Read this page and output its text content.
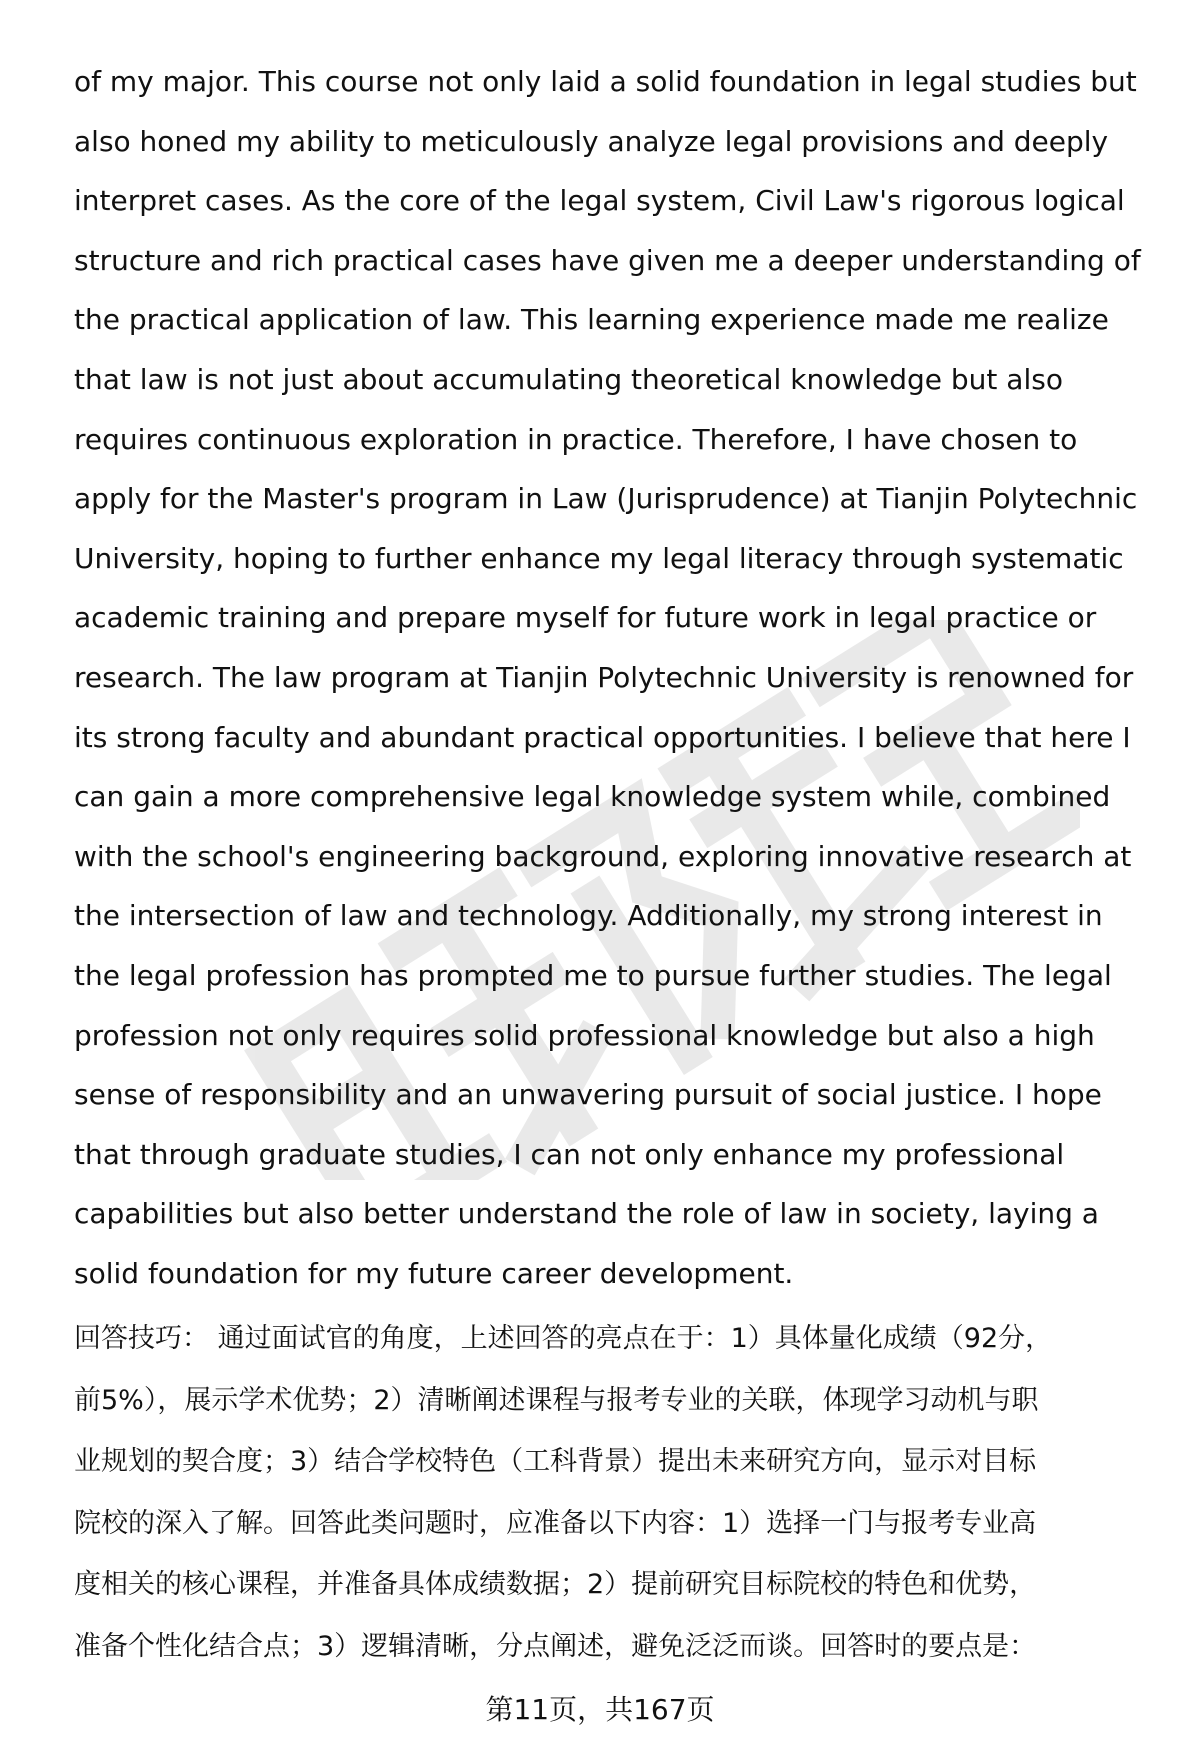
of my major. This course not only laid a solid foundation in legal studies but
also honed my ability to meticulously analyze legal provisions and deeply
interpret cases. As the core of the legal system, Civil Law's rigorous logical
structure and rich practical cases have given me a deeper understanding of
the practical application of law. This learning experience made me realize
that law is not just about accumulating theoretical knowledge but also
requires continuous exploration in practice. Therefore, I have chosen to
apply for the Master's program in Law (Jurisprudence) at Tianjin Polytechnic
University, hoping to further enhance my legal literacy through systematic
academic training and prepare myself for future work in legal practice or
research. The law program at Tianjin Polytechnic University is renowned for
its strong faculty and abundant practical opportunities. I believe that here I
can gain a more comprehensive legal knowledge system while, combined
with the school's engineering background, exploring innovative research at
the intersection of law and technology. Additionally, my strong interest in
the legal profession has prompted me to pursue further studies. The legal
profession not only requires solid professional knowledge but also a high
sense of responsibility and an unwavering pursuit of social justice. I hope
that through graduate studies, I can not only enhance my professional
capabilities but also better understand the role of law in society, laying a
solid foundation for my future career development.
回答技巧： 通过面试官的角度，上述回答的亮点在于：1）具体量化成绩（92分，
前5%），展示学术优势；2）清晰阐述课程与报考专业的关联，体现学习动机与职
业规划的契合度；3）结合学校特色（工科背景）提出未来研究方向，显示对目标
院校的深入了解。回答此类问题时，应准备以下内容：1）选择一门与报考专业高
度相关的核心课程，并准备具体成绩数据；2）提前研究目标院校的特色和优势，
准备个性化结合点；3）逻辑清晰，分点阐述，避免泛泛而谈。回答时的要点是：
第11页，共167页
